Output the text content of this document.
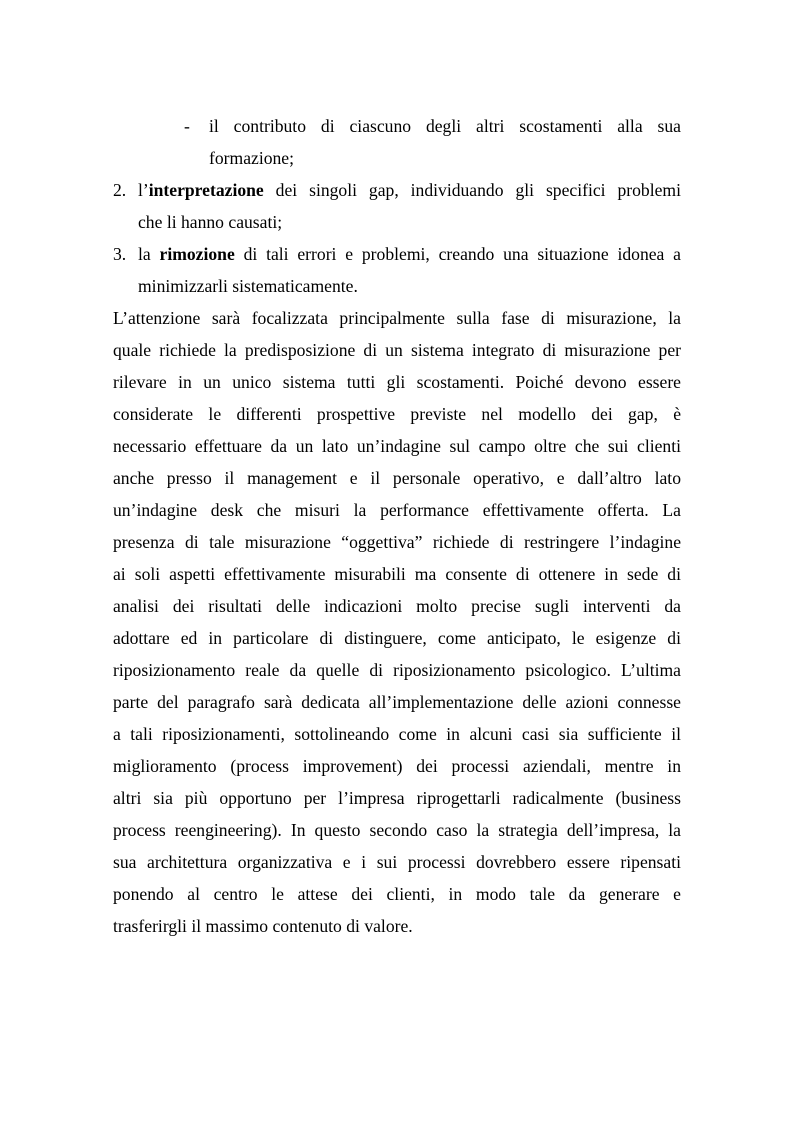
- il contributo di ciascuno degli altri scostamenti alla sua
formazione;
2. l’interpretazione dei singoli gap, individuando gli specifici problemi
che li hanno causati;
3. la rimozione di tali errori e problemi, creando una situazione idonea a
minimizzarli sistematicamente.
L’attenzione sarà focalizzata principalmente sulla fase di misurazione, la
quale richiede la predisposizione di un sistema integrato di misurazione per
rilevare in un unico sistema tutti gli scostamenti. Poiché devono essere
considerate le differenti prospettive previste nel modello dei gap, è
necessario effettuare da un lato un’indagine sul campo oltre che sui clienti
anche presso il management e il personale operativo, e dall’altro lato
un’indagine desk che misuri la performance effettivamente offerta. La
presenza di tale misurazione “oggettiva” richiede di restringere l’indagine
ai soli aspetti effettivamente misurabili ma consente di ottenere in sede di
analisi dei risultati delle indicazioni molto precise sugli interventi da
adottare ed in particolare di distinguere, come anticipato, le esigenze di
riposizionamento reale da quelle di riposizionamento psicologico. L’ultima
parte del paragrafo sarà dedicata all’implementazione delle azioni connesse
a tali riposizionamenti, sottolineando come in alcuni casi sia sufficiente il
miglioramento (process improvement) dei processi aziendali, mentre in
altri sia più opportuno per l’impresa riprogettarli radicalmente (business
process reengineering). In questo secondo caso la strategia dell’impresa, la
sua architettura organizzativa e i sui processi dovrebbero essere ripensati
ponendo al centro le attese dei clienti, in modo tale da generare e
trasferirgli il massimo contenuto di valore.
